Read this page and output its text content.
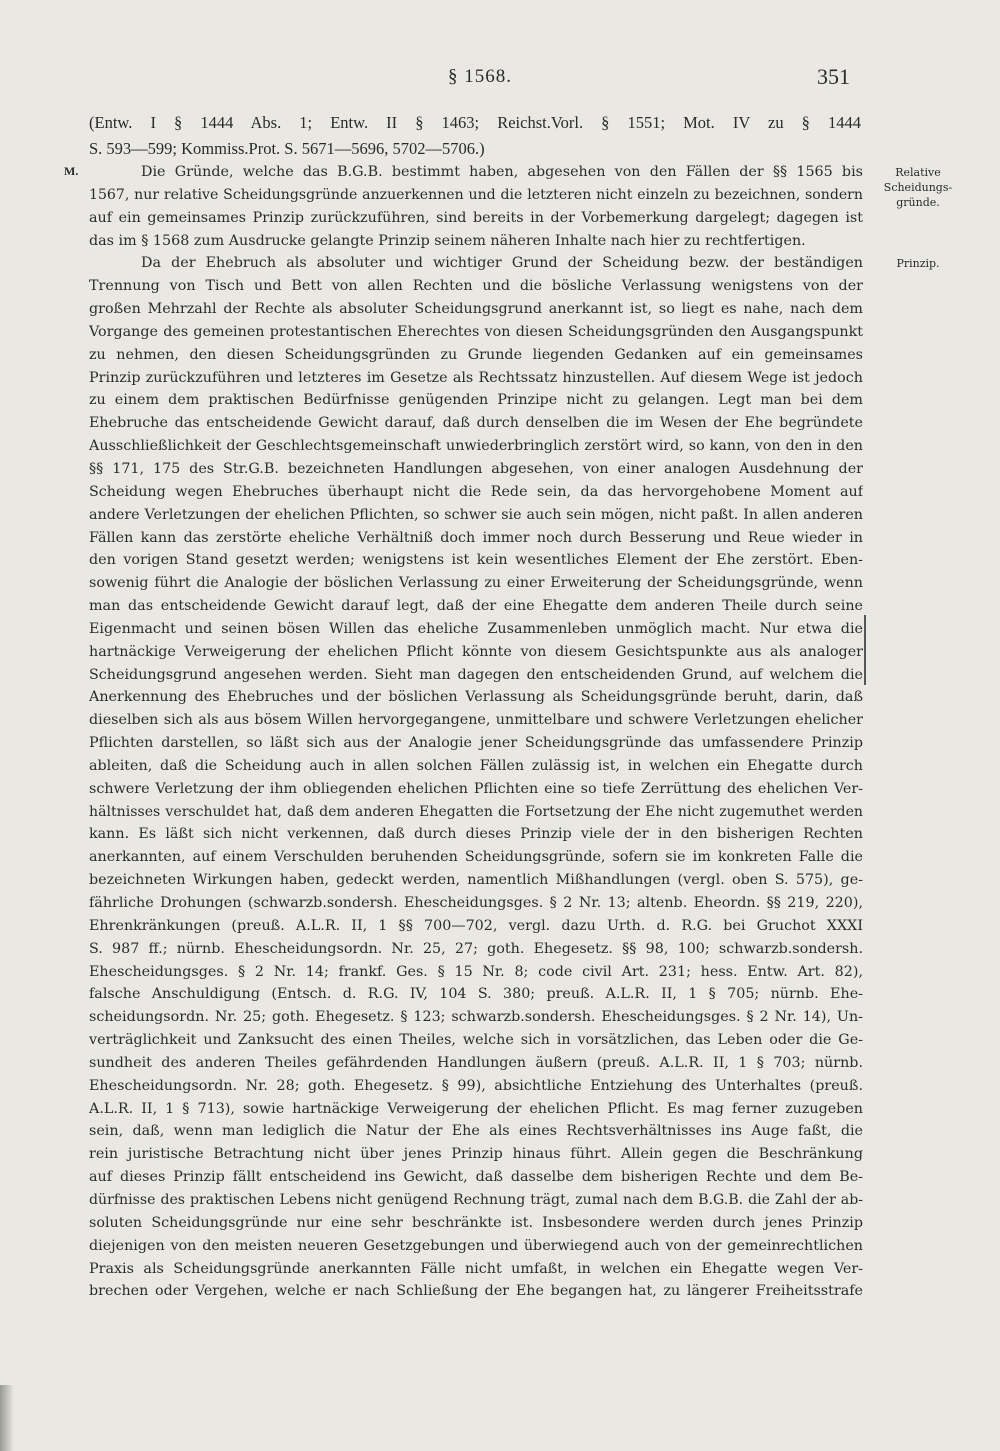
§ 1568.	351
(Entw. I § 1444 Abs. 1; Entw. II § 1463; Reichst.Vorl. § 1551; Mot. IV zu § 1444
S. 593—599; Kommiss.Prot. S. 5671—5696, 5702—5706.)
M.	Relative Scheidungs- gründe.
Prinzip.
Die Gründe, welche das B.G.B. bestimmt haben, abgesehen von den Fällen der §§ 1565 bis
1567, nur relative Scheidungsgründe anzuerkennen und die letzteren nicht einzeln zu bezeichnen, sondern
auf ein gemeinsames Prinzip zurückzuführen, sind bereits in der Vorbemerkung dargelegt; dagegen ist
das im § 1568 zum Ausdrucke gelangte Prinzip seinem näheren Inhalte nach hier zu rechtfertigen.
Da der Ehebruch als absoluter und wichtiger Grund der Scheidung bezw. der beständigen
Trennung von Tisch und Bett von allen Rechten und die bösliche Verlassung wenigstens von der
großen Mehrzahl der Rechte als absoluter Scheidungsgrund anerkannt ist, so liegt es nahe, nach dem
Vorgange des gemeinen protestantischen Eherechtes von diesen Scheidungsgründen den Ausgangspunkt
zu nehmen, den diesen Scheidungsgründen zu Grunde liegenden Gedanken auf ein gemeinsames
Prinzip zurückzuführen und letzteres im Gesetze als Rechtssatz hinzustellen. Auf diesem Wege ist jedoch
zu einem dem praktischen Bedürfnisse genügenden Prinzipe nicht zu gelangen. Legt man bei dem
Ehebruche das entscheidende Gewicht darauf, daß durch denselben die im Wesen der Ehe begründete
Ausschließlichkeit der Geschlechtsgemeinschaft unwiederbringlich zerstört wird, so kann, von den in den
§§ 171, 175 des Str.G.B. bezeichneten Handlungen abgesehen, von einer analogen Ausdehnung der
Scheidung wegen Ehebruches überhaupt nicht die Rede sein, da das hervorgehobene Moment auf
andere Verletzungen der ehelichen Pflichten, so schwer sie auch sein mögen, nicht paßt. In allen anderen
Fällen kann das zerstörte eheliche Verhältniß doch immer noch durch Besserung und Reue wieder in
den vorigen Stand gesetzt werden; wenigstens ist kein wesentliches Element der Ehe zerstört. Eben-
sowenig führt die Analogie der böslichen Verlassung zu einer Erweiterung der Scheidungsgründe, wenn
man das entscheidende Gewicht darauf legt, daß der eine Ehegatte dem anderen Theile durch seine
Eigenmacht und seinen bösen Willen das eheliche Zusammenleben unmöglich macht. Nur etwa die
hartnäckige Verweigerung der ehelichen Pflicht könnte von diesem Gesichtspunkte aus als analoger
Scheidungsgrund angesehen werden. Sieht man dagegen den entscheidenden Grund, auf welchem die
Anerkennung des Ehebruches und der böslichen Verlassung als Scheidungsgründe beruht, darin, daß
dieselben sich als aus bösem Willen hervorgegangene, unmittelbare und schwere Verletzungen ehelicher
Pflichten darstellen, so läßt sich aus der Analogie jener Scheidungsgründe das umfassendere Prinzip
ableiten, daß die Scheidung auch in allen solchen Fällen zulässig ist, in welchen ein Ehegatte durch
schwere Verletzung der ihm obliegenden ehelichen Pflichten eine so tiefe Zerrüttung des ehelichen Ver-
hältnisses verschuldet hat, daß dem anderen Ehegatten die Fortsetzung der Ehe nicht zugemuthet werden
kann. Es läßt sich nicht verkennen, daß durch dieses Prinzip viele der in den bisherigen Rechten
anerkannten, auf einem Verschulden beruhenden Scheidungsgründe, sofern sie im konkreten Falle die
bezeichneten Wirkungen haben, gedeckt werden, namentlich Mißhandlungen (vergl. oben S. 575), ge-
fährliche Drohungen (schwarzb.sondersh. Ehescheidungsges. § 2 Nr. 13; altenb. Eheordn. §§ 219, 220),
Ehrenkränkungen (preuß. A.L.R. II, 1 §§ 700—702, vergl. dazu Urth. d. R.G. bei Gruchot XXXI
S. 987 ff.; nürnb. Ehescheidungsordn. Nr. 25, 27; goth. Ehegesetz. §§ 98, 100; schwarzb.sondersh.
Ehescheidungsges. § 2 Nr. 14; frankf. Ges. § 15 Nr. 8; code civil Art. 231; hess. Entw. Art. 82),
falsche Anschuldigung (Entsch. d. R.G. IV, 104 S. 380; preuß. A.L.R. II, 1 § 705; nürnb. Ehe-
scheidungsordn. Nr. 25; goth. Ehegesetz. § 123; schwarzb.sondersh. Ehescheidungsges. § 2 Nr. 14), Un-
verträglichkeit und Zanksucht des einen Theiles, welche sich in vorsätzlichen, das Leben oder die Ge-
sundheit des anderen Theiles gefährdenden Handlungen äußern (preuß. A.L.R. II, 1 § 703; nürnb.
Ehescheidungsordn. Nr. 28; goth. Ehegesetz. § 99), absichtliche Entziehung des Unterhaltes (preuß.
A.L.R. II, 1 § 713), sowie hartnäckige Verweigerung der ehelichen Pflicht. Es mag ferner zuzugeben
sein, daß, wenn man lediglich die Natur der Ehe als eines Rechtsverhältnisses ins Auge faßt, die
rein juristische Betrachtung nicht über jenes Prinzip hinaus führt. Allein gegen die Beschränkung
auf dieses Prinzip fällt entscheidend ins Gewicht, daß dasselbe dem bisherigen Rechte und dem Be-
dürfnisse des praktischen Lebens nicht genügend Rechnung trägt, zumal nach dem B.G.B. die Zahl der ab-
soluten Scheidungsgründe nur eine sehr beschränkte ist. Insbesondere werden durch jenes Prinzip
diejenigen von den meisten neueren Gesetzgebungen und überwiegend auch von der gemeinrechtlichen
Praxis als Scheidungsgründe anerkannten Fälle nicht umfaßt, in welchen ein Ehegatte wegen Ver-
brechen oder Vergehen, welche er nach Schließung der Ehe begangen hat, zu längerer Freiheitsstrafe
